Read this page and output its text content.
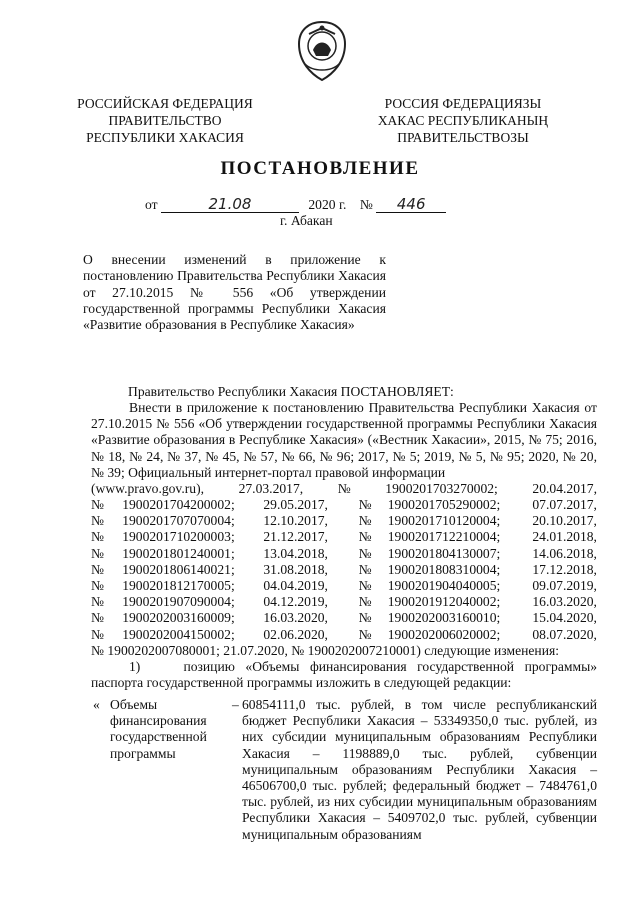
РОССИЙСКАЯ ФЕДЕРАЦИЯ
ПРАВИТЕЛЬСТВО
РЕСПУБЛИКИ ХАКАСИЯ
РОССИЯ ФЕДЕРАЦИЯЗЫ
ХАКАС РЕСПУБЛИКАНЫҢ
ПРАВИТЕЛЬСТВОЗЫ
ПОСТАНОВЛЕНИЕ
от	21.08	2020 г. № 446
г. Абакан
О внесении изменений в приложение к постановлению Правительства Республики Хакасия от 27.10.2015 № 556 «Об утверждении государственной программы Республики Хакасия «Развитие образования в Республике Хакасия»
Правительство Республики Хакасия ПОСТАНОВЛЯЕТ:
Внести в приложение к постановлению Правительства Республики Хакасия от 27.10.2015 № 556 «Об утверждении государственной программы Республики Хакасия «Развитие образования в Республике Хакасия» («Вестник Хакасии», 2015, № 75; 2016, № 18, № 24, № 37, № 45, № 57, № 66, № 96; 2017, № 5; 2019, № 5, № 95; 2020, № 20, № 39; Официальный интернет-портал правовой информации
(www.pravo.gov.ru),	27.03.2017,	№	1900201703270002;	20.04.2017,
№	1900201704200002;	29.05.2017,	№	1900201705290002;	07.07.2017,
№	1900201707070004;	12.10.2017,	№	1900201710120004;	20.10.2017,
№	1900201710200003;	21.12.2017,	№	1900201712210004;	24.01.2018,
№	1900201801240001;	13.04.2018,	№	1900201804130007;	14.06.2018,
№	1900201806140021;	31.08.2018,	№	1900201808310004;	17.12.2018,
№	1900201812170005;	04.04.2019,	№	1900201904040005;	09.07.2019,
№	1900201907090004;	04.12.2019,	№	1900201912040002;	16.03.2020,
№	1900202003160009;	16.03.2020,	№	1900202003160010;	15.04.2020,
№	1900202004150002;	02.06.2020,	№	1900202006020002;	08.07.2020,
№ 1900202007080001; 21.07.2020, № 1900202007210001) следующие изменения:
1)	позицию «Объемы финансирования государственной программы» паспорта государственной программы изложить в следующей редакции:
« Объемы финансирования государственной программы
– 60854111,0 тыс. рублей, в том числе республиканский бюджет Республики Хакасия – 53349350,0 тыс. рублей, из них субсидии муниципальным образованиям Республики Хакасия – 1198889,0 тыс. рублей, субвенции муниципальным образованиям Республики Хакасия – 46506700,0 тыс. рублей; федеральный бюджет – 7484761,0 тыс. рублей, из них субсидии муниципальным образованиям Республики Хакасия – 5409702,0 тыс. рублей, субвенции муниципальным образованиям
